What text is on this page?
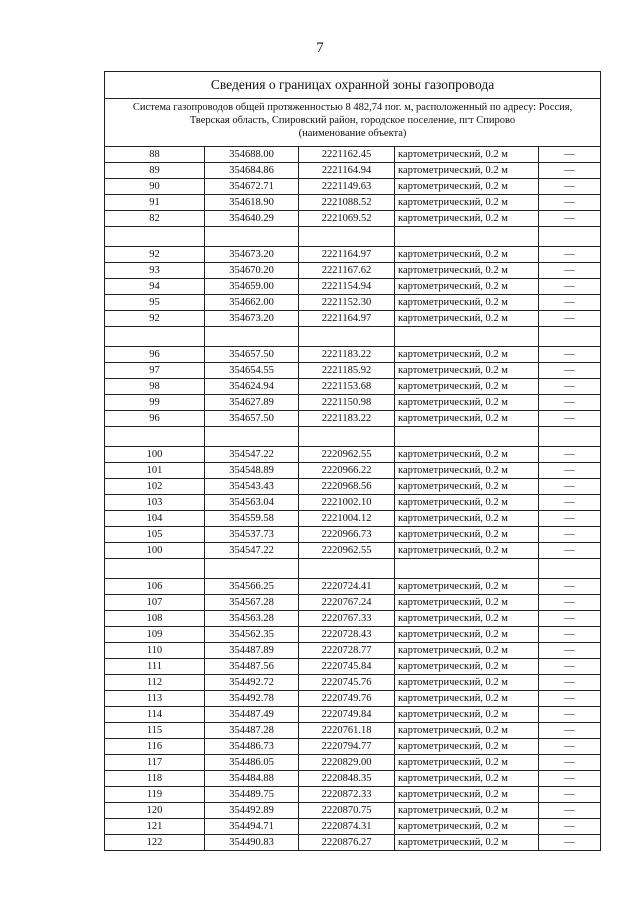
7
Сведения о границах охранной зоны газопровода				

Система газопроводов общей протяженностью 8 482,74 пог. м, расположенный по адресу: Россия,
Тверская область, Спировский район, городское поселение, пгт Спирово
(наименование объекта)				

88	354688.00	2221162.45	картометрический, 0.2 м	—
89	354684.86	2221164.94	картометрический, 0.2 м	—
90	354672.71	2221149.63	картометрический, 0.2 м	—
91	354618.90	2221088.52	картометрический, 0.2 м	—
82	354640.29	2221069.52	картометрический, 0.2 м	—

92	354673.20	2221164.97	картометрический, 0.2 м	—
93	354670.20	2221167.62	картометрический, 0.2 м	—
94	354659.00	2221154.94	картометрический, 0.2 м	—
95	354662.00	2221152.30	картометрический, 0.2 м	—
92	354673.20	2221164.97	картометрический, 0.2 м	—

96	354657.50	2221183.22	картометрический, 0.2 м	—
97	354654.55	2221185.92	картометрический, 0.2 м	—
98	354624.94	2221153.68	картометрический, 0.2 м	—
99	354627.89	2221150.98	картометрический, 0.2 м	—
96	354657.50	2221183.22	картометрический, 0.2 м	—

100	354547.22	2220962.55	картометрический, 0.2 м	—
101	354548.89	2220966.22	картометрический, 0.2 м	—
102	354543.43	2220968.56	картометрический, 0.2 м	—
103	354563.04	2221002.10	картометрический, 0.2 м	—
104	354559.58	2221004.12	картометрический, 0.2 м	—
105	354537.73	2220966.73	картометрический, 0.2 м	—
100	354547.22	2220962.55	картометрический, 0.2 м	—

106	354566.25	2220724.41	картометрический, 0.2 м	—
107	354567.28	2220767.24	картометрический, 0.2 м	—
108	354563.28	2220767.33	картометрический, 0.2 м	—
109	354562.35	2220728.43	картометрический, 0.2 м	—
110	354487.89	2220728.77	картометрический, 0.2 м	—
111	354487.56	2220745.84	картометрический, 0.2 м	—
112	354492.72	2220745.76	картометрический, 0.2 м	—
113	354492.78	2220749.76	картометрический, 0.2 м	—
114	354487.49	2220749.84	картометрический, 0.2 м	—
115	354487.28	2220761.18	картометрический, 0.2 м	—
116	354486.73	2220794.77	картометрический, 0.2 м	—
117	354486.05	2220829.00	картометрический, 0.2 м	—
118	354484.88	2220848.35	картометрический, 0.2 м	—
119	354489.75	2220872.33	картометрический, 0.2 м	—
120	354492.89	2220870.75	картометрический, 0.2 м	—
121	354494.71	2220874.31	картометрический, 0.2 м	—
122	354490.83	2220876.27	картометрический, 0.2 м	—
